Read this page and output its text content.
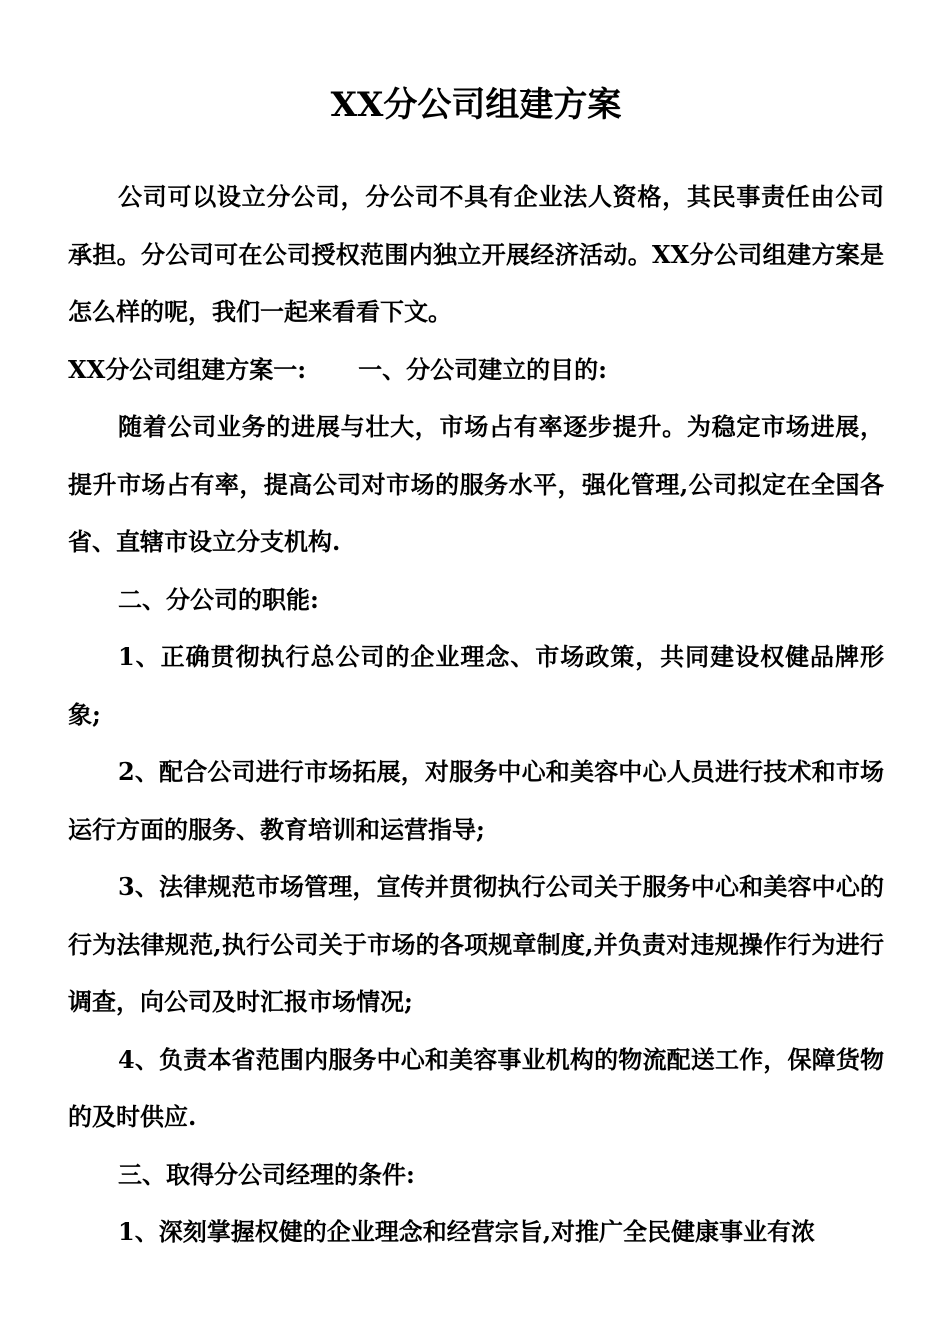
XX分公司组建方案

公司可以设立分公司，分公司不具有企业法人资格，其民事责任由公司承担。分公司可在公司授权范围内独立开展经济活动。XX分公司组建方案是怎么样的呢，我们一起来看看下文。

XX分公司组建方案一: 一、分公司建立的目的:

随着公司业务的进展与壮大，市场占有率逐步提升。为稳定市场进展，提升市场占有率，提高公司对市场的服务水平，强化管理,公司拟定在全国各省、直辖市设立分支机构.

二、分公司的职能:

1、正确贯彻执行总公司的企业理念、市场政策，共同建设权健品牌形象;

2、配合公司进行市场拓展，对服务中心和美容中心人员进行技术和市场运行方面的服务、教育培训和运营指导;

3、法律规范市场管理，宣传并贯彻执行公司关于服务中心和美容中心的行为法律规范,执行公司关于市场的各项规章制度,并负责对违规操作行为进行调查，向公司及时汇报市场情况;

4、负责本省范围内服务中心和美容事业机构的物流配送工作，保障货物的及时供应.

三、取得分公司经理的条件:

1、深刻掌握权健的企业理念和经营宗旨,对推广全民健康事业有浓
